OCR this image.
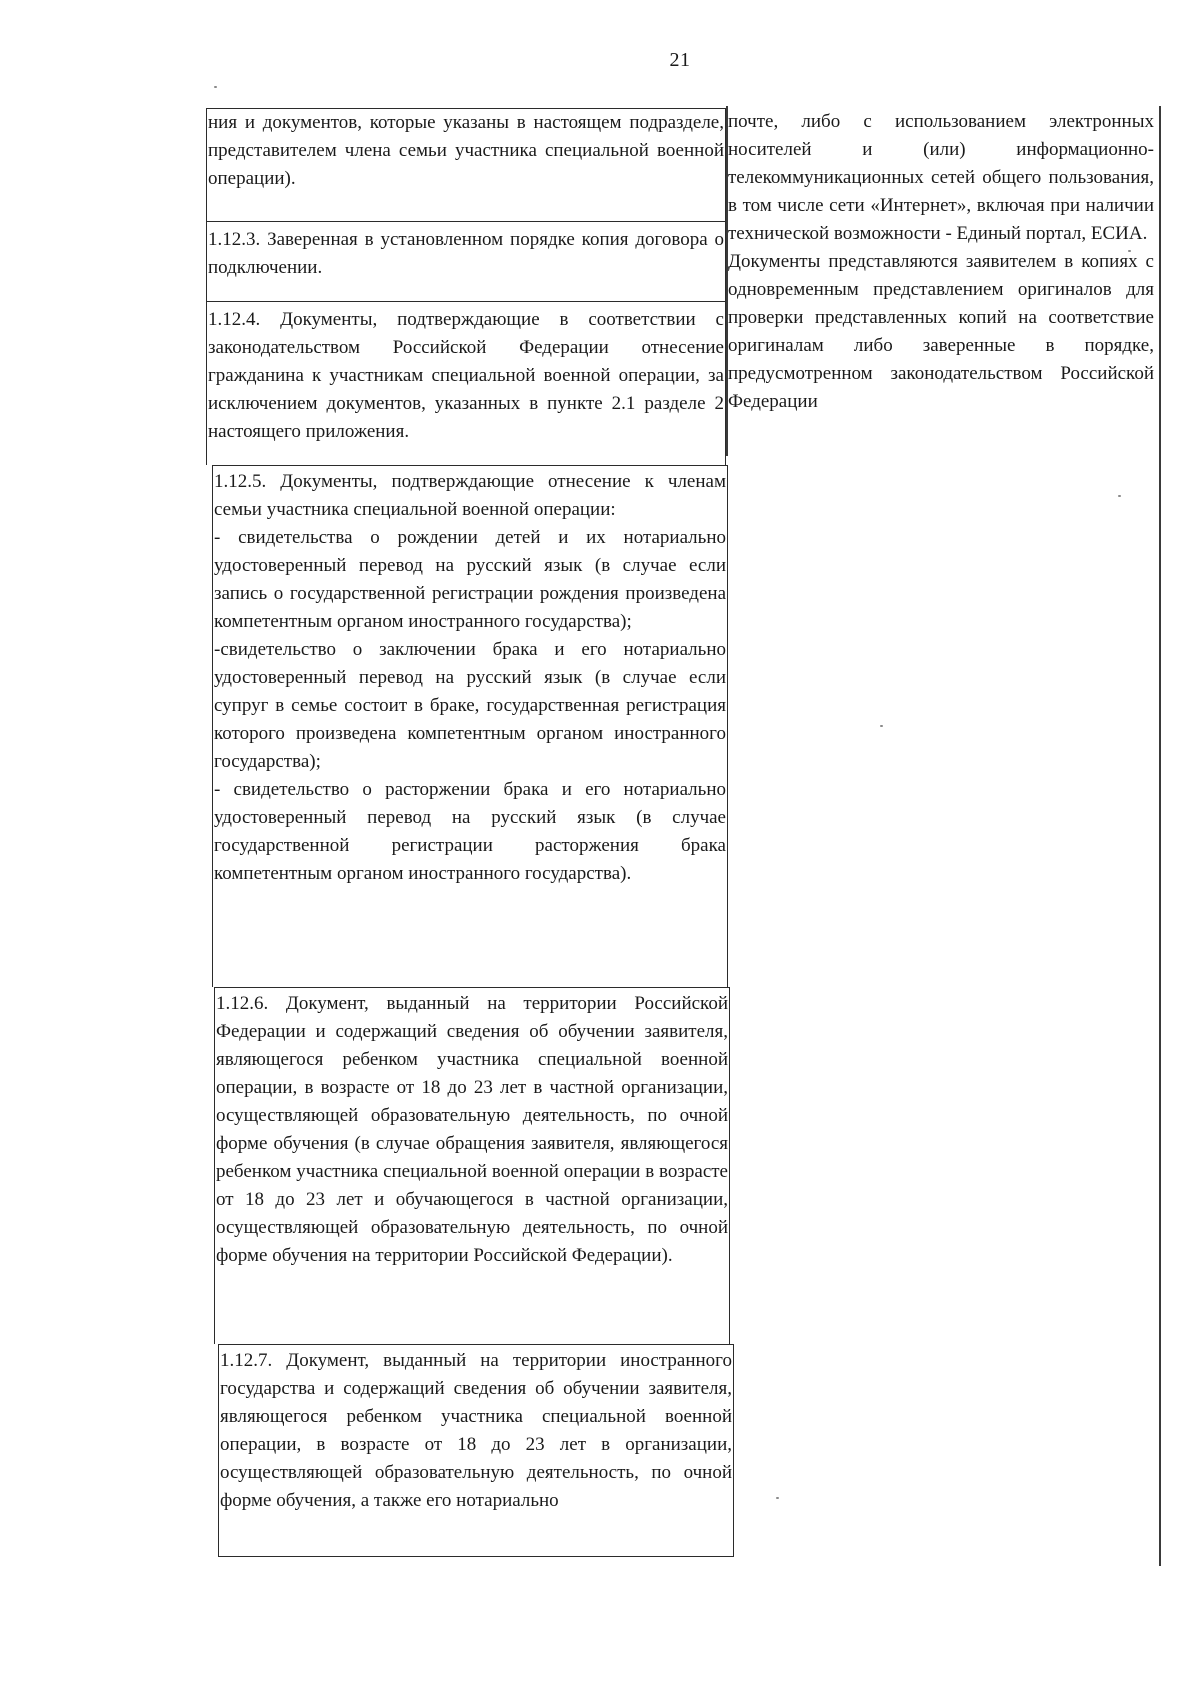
21

ния и документов, которые указаны в настоящем подразделе, представителем члена семьи участника специальной военной операции).

1.12.3. Заверенная в установленном порядке копия договора о подключении.

1.12.4. Документы, подтверждающие в соответствии с законодательством Российской Федерации отнесение гражданина к участникам специальной военной операции, за исключением документов, указанных в пункте 2.1 разделе 2 настоящего приложения.

1.12.5. Документы, подтверждающие отнесение к членам семьи участника специальной военной операции:

- свидетельства о рождении детей и их нотариально удостоверенный перевод на русский язык (в случае если запись о государственной регистрации рождения произведена компетентным органом иностранного государства);

-свидетельство о заключении брака и его нотариально удостоверенный перевод на русский язык (в случае если супруг в семье состоит в браке, государственная регистрация которого произведена компетентным органом иностранного государства);

- свидетельство о расторжении брака и его нотариально удостоверенный перевод на русский язык (в случае государственной регистрации расторжения брака компетентным органом иностранного государства).

1.12.6. Документ, выданный на территории Российской Федерации и содержащий сведения об обучении заявителя, являющегося ребенком участника специальной военной операции, в возрасте от 18 до 23 лет в частной организации, осуществляющей образовательную деятельность, по очной форме обучения (в случае обращения заявителя, являющегося ребенком участника специальной военной операции в возрасте от 18 до 23 лет и обучающегося в частной организации, осуществляющей образовательную деятельность, по очной форме обучения на территории Российской Федерации).

1.12.7. Документ, выданный на территории иностранного государства и содержащий сведения об обучении заявителя, являющегося ребенком участника специальной военной операции, в возрасте от 18 до 23 лет в организации, осуществляющей образовательную деятельность, по очной форме обучения, а также его нотариально

почте, либо с использованием электронных носителей и (или) информационно-телекоммуникационных сетей общего пользования, в том числе сети «Интернет», включая при наличии технической возможности - Единый портал, ЕСИА.

Документы представляются заявителем в копиях с одновременным представлением оригиналов для проверки представленных копий на соответствие оригиналам либо заверенные в порядке, предусмотренном законодательством Российской Федерации
